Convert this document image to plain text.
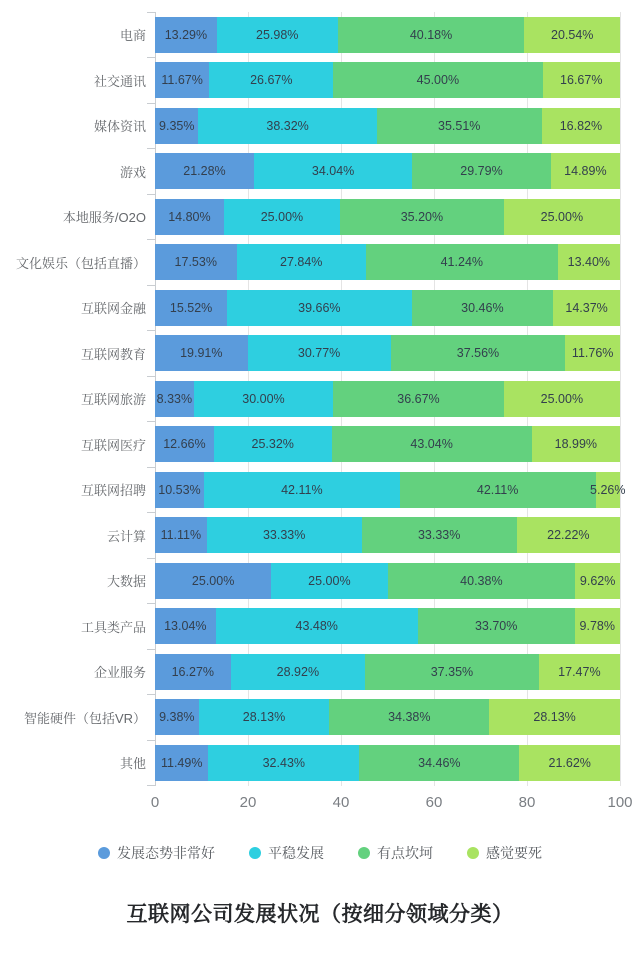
电商	13.29%	25.98%	40.18%	20.54%
社交通讯	11.67%	26.67%	45.00%	16.67%
媒体资讯	9.35%	38.32%	35.51%	16.82%
游戏	21.28%	34.04%	29.79%	14.89%
本地服务/O2O	14.80%	25.00%	35.20%	25.00%
文化娱乐（包括直播）	17.53%	27.84%	41.24%	13.40%
互联网金融	15.52%	39.66%	30.46%	14.37%
互联网教育	19.91%	30.77%	37.56%	11.76%
互联网旅游 8.33%	30.00%	36.67%	25.00%
互联网医疗	12.66%	25.32%	43.04%	18.99%
互联网招聘 10.53%	42.11%	42.11%	5.26%
云计算	11.11%	33.33%	33.33%	22.22%
大数据	25.00%	25.00%	40.38%	9.62%
工具类产品	13.04%	43.48%	33.70%	9.78%
企业服务	16.27%	28.92%	37.35%	17.47%
智能硬件（包括VR）	9.38%	28.13%	34.38%	28.13%
其他	11.49%	32.43%	34.46%	21.62%
0	20	40	60	80	100
发展态势非常好	平稳发展	有点坎坷	感觉要死
互联网公司发展状况（按细分领域分类）
